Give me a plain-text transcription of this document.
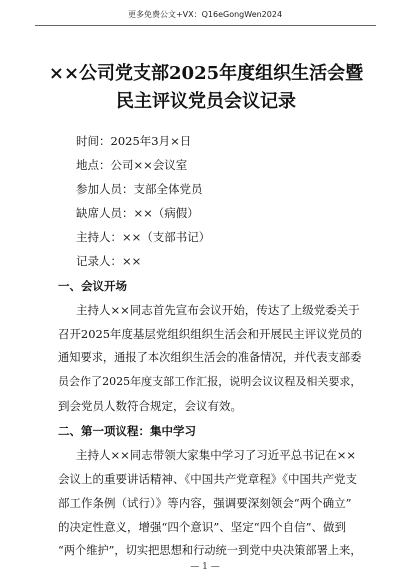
更多免费公文+VX：Q16eGongWen2024
××公司党支部2025年度组织生活会暨
民主评议党员会议记录
时间：2025年3月×日
地点：公司××会议室
参加人员：支部全体党员
缺席人员：××（病假）
主持人：××（支部书记）
记录人：××
一、会议开场
主持人××同志首先宣布会议开始，传达了上级党委关于
召开2025年度基层党组织组织生活会和开展民主评议党员的
通知要求，通报了本次组织生活会的准备情况，并代表支部委
员会作了2025年度支部工作汇报，说明会议议程及相关要求，
到会党员人数符合规定，会议有效。
二、第一项议程：集中学习
主持人××同志带领大家集中学习了习近平总书记在××
会议上的重要讲话精神、《中国共产党章程》《中国共产党支
部工作条例（试行）》等内容，强调要深刻领会“两个确立”
的决定性意义，增强“四个意识”、坚定“四个自信”、做到
“两个维护”，切实把思想和行动统一到党中央决策部署上来，
— 1 —
